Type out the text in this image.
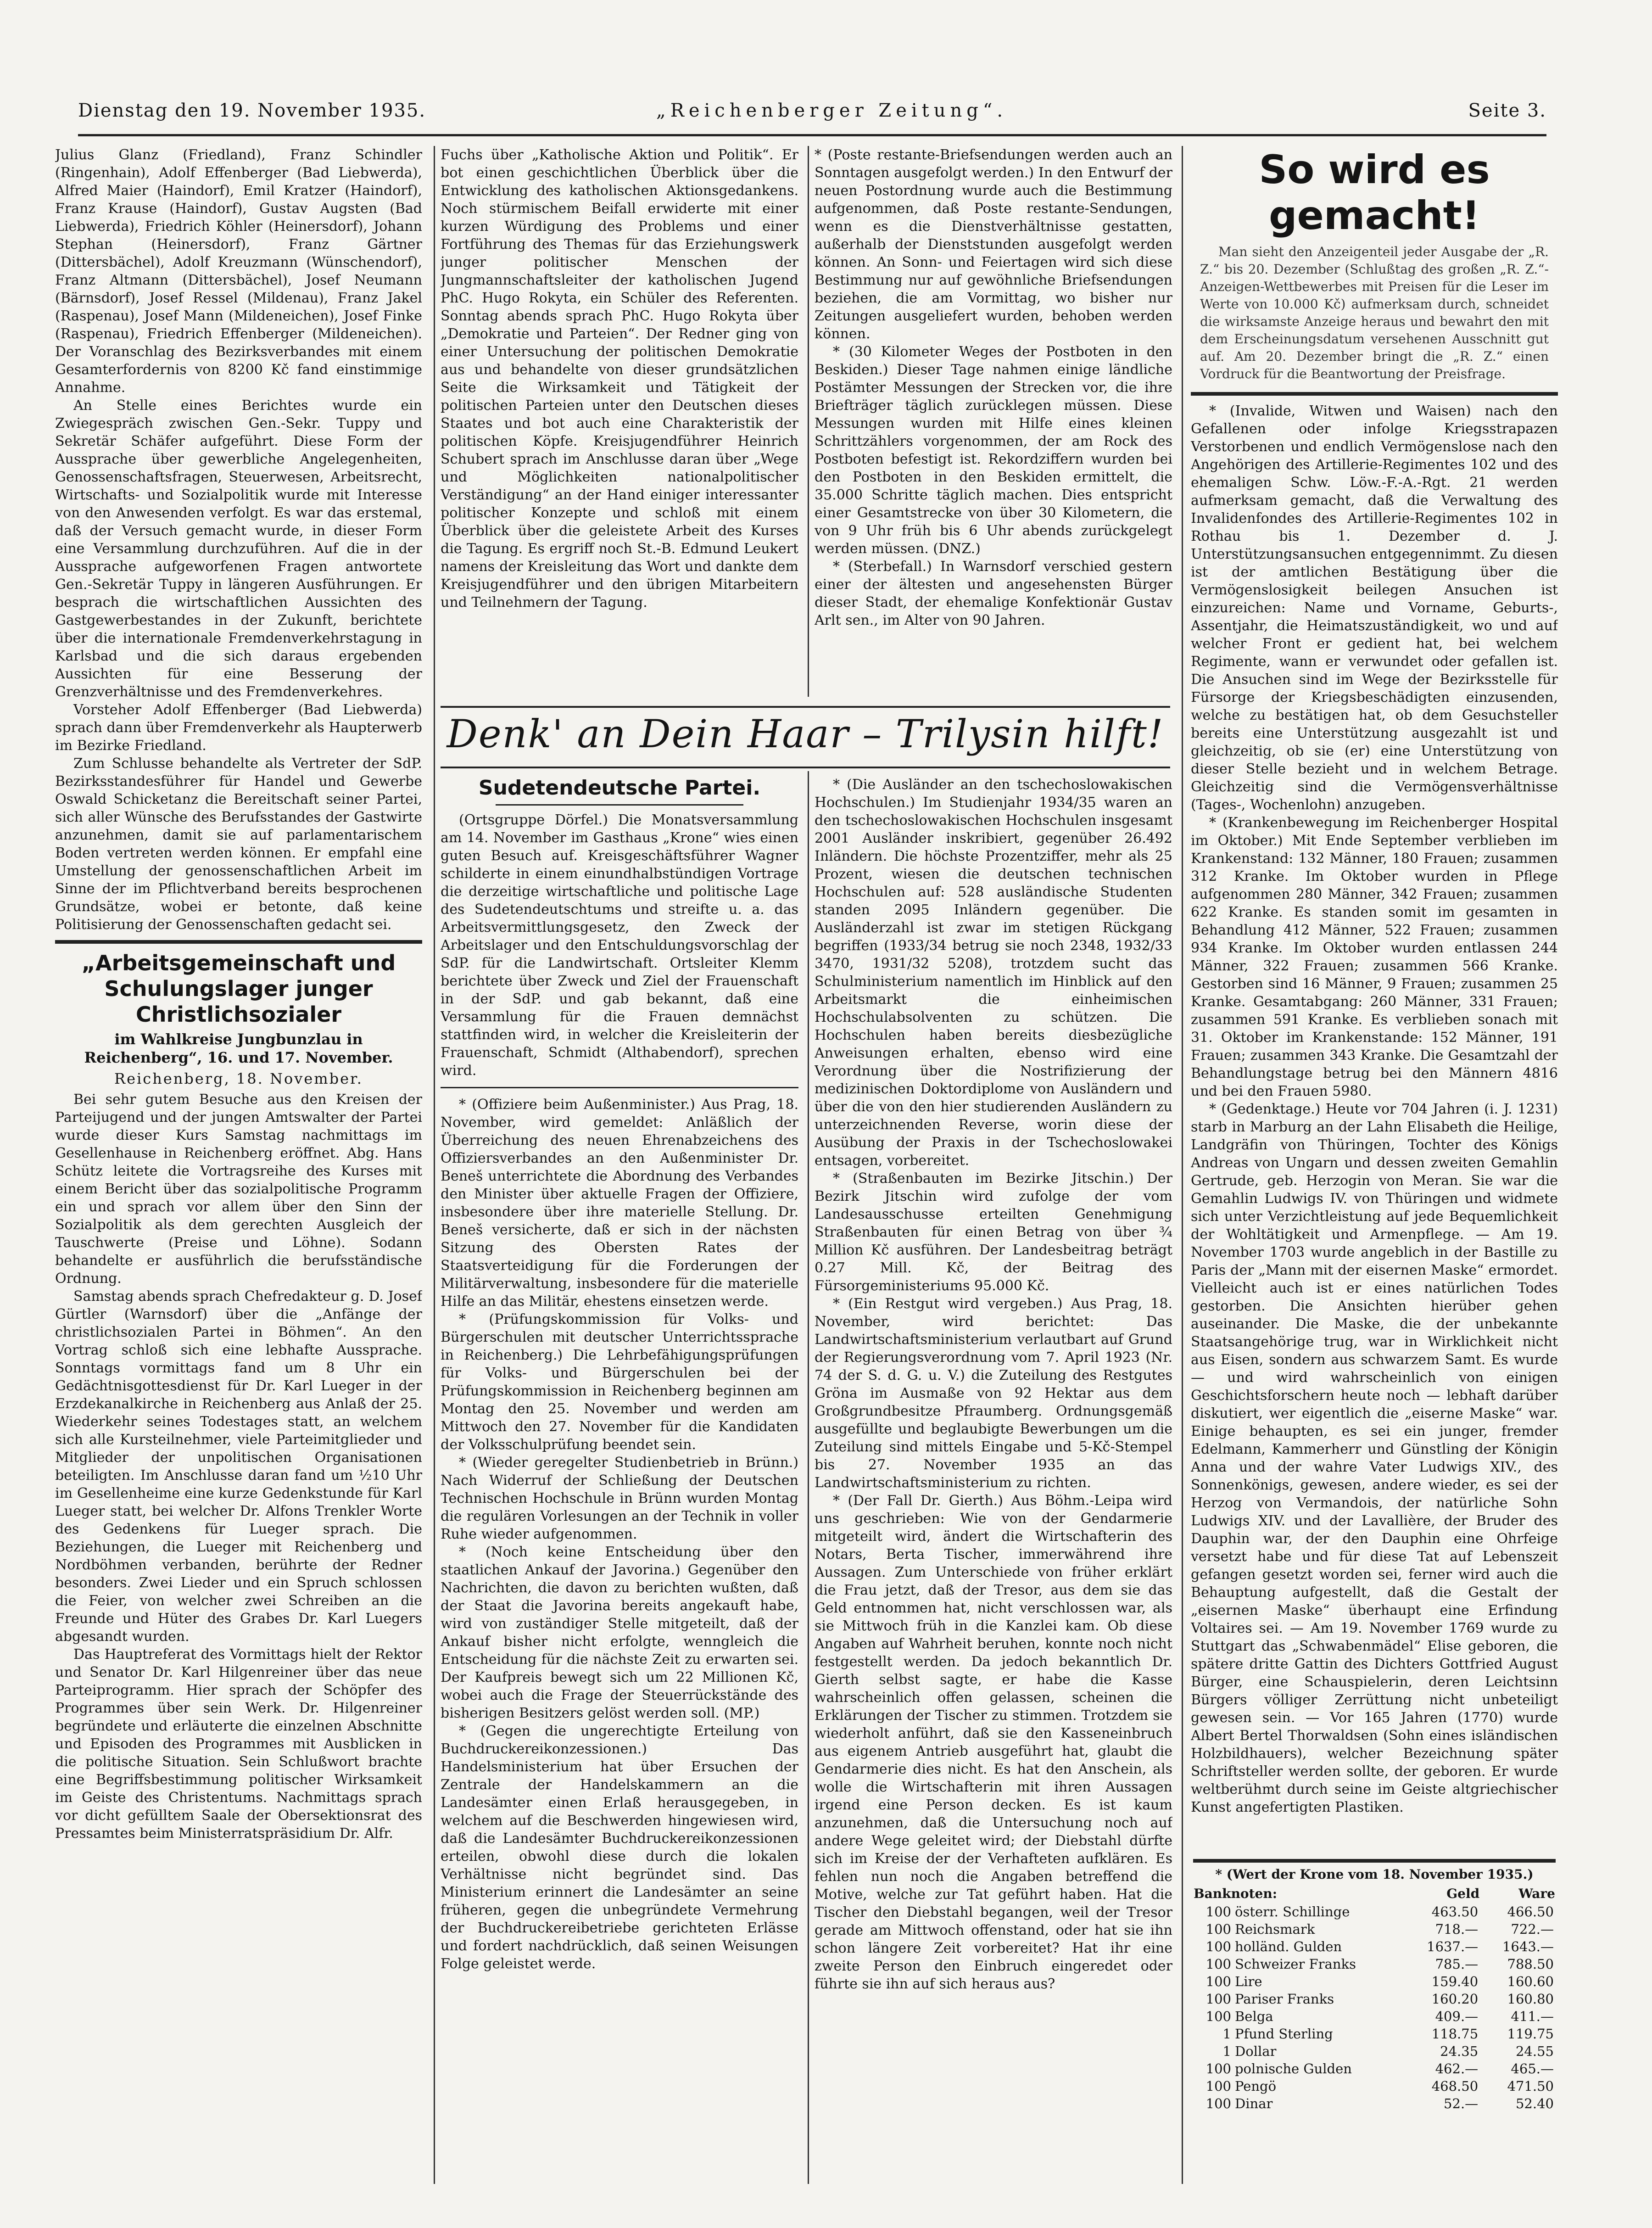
Dienstag den 19. November 1935.	„Reichenberger Zeitung“.	Seite 3.

Julius Glanz (Friedland), Franz Schindler (Ringenhain), Adolf Effenberger (Bad Liebwerda), Alfred Maier (Haindorf), Emil Kratzer (Haindorf), Franz Krause (Haindorf), Gustav Augsten (Bad Liebwerda), Friedrich Köhler (Heinersdorf), Johann Stephan (Heinersdorf), Franz Gärtner (Dittersbächel), Adolf Kreuzmann (Wünschendorf), Franz Altmann (Dittersbächel), Josef Neumann (Bärnsdorf), Josef Ressel (Mildenau), Franz Jakel (Raspenau), Josef Mann (Mildeneichen), Josef Finke (Raspenau), Friedrich Effenberger (Mildeneichen). Der Voranschlag des Bezirksverbandes mit einem Gesamterfordernis von 8200 Kč fand einstimmige Annahme.

An Stelle eines Berichtes wurde ein Zwiegespräch zwischen Gen.-Sekr. Tuppy und Sekretär Schäfer aufgeführt. Diese Form der Aussprache über gewerbliche Angelegenheiten, Genossenschaftsfragen, Steuerwesen, Arbeitsrecht, Wirtschafts- und Sozialpolitik wurde mit Interesse von den Anwesenden verfolgt. Es war das erstemal, daß der Versuch gemacht wurde, in dieser Form eine Versammlung durchzuführen. Auf die in der Aussprache aufgeworfenen Fragen antwortete Gen.-Sekretär Tuppy in längeren Ausführungen. Er besprach die wirtschaftlichen Aussichten des Gastgewerbestandes in der Zukunft, berichtete über die internationale Fremdenverkehrstagung in Karlsbad und die sich daraus ergebenden Aussichten für eine Besserung der Grenzverhältnisse und des Fremdenverkehres.

Vorsteher Adolf Effenberger (Bad Liebwerda) sprach dann über Fremdenverkehr als Haupterwerb im Bezirke Friedland.

Zum Schlusse behandelte als Vertreter der SdP. Bezirksstandesführer für Handel und Gewerbe Oswald Schicketanz die Bereitschaft seiner Partei, sich aller Wünsche des Berufsstandes der Gastwirte anzunehmen, damit sie auf parlamentarischem Boden vertreten werden können. Er empfahl eine Umstellung der genossenschaftlichen Arbeit im Sinne der im Pflichtverband bereits besprochenen Grundsätze, wobei er betonte, daß keine Politisierung der Genossenschaften gedacht sei.

„Arbeitsgemeinschaft und Schulungslager junger Christlichsozialer
im Wahlkreise Jungbunzlau in Reichenberg“, 16. und 17. November.
Reichenberg, 18. November.

Bei sehr gutem Besuche aus den Kreisen der Parteijugend und der jungen Amtswalter der Partei wurde dieser Kurs Samstag nachmittags im Gesellenhause in Reichenberg eröffnet. Abg. Hans Schütz leitete die Vortragsreihe des Kurses mit einem Bericht über das sozialpolitische Programm ein und sprach vor allem über den Sinn der Sozialpolitik als dem gerechten Ausgleich der Tauschwerte (Preise und Löhne). Sodann behandelte er ausführlich die berufsständische Ordnung.

Samstag abends sprach Chefredakteur g. D. Josef Gürtler (Warnsdorf) über die „Anfänge der christlichsozialen Partei in Böhmen“. An den Vortrag schloß sich eine lebhafte Aussprache. Sonntags vormittags fand um 8 Uhr ein Gedächtnisgottesdienst für Dr. Karl Lueger in der Erzdekanalkirche in Reichenberg aus Anlaß der 25. Wiederkehr seines Todestages statt, an welchem sich alle Kursteilnehmer, viele Parteimitglieder und Mitglieder der unpolitischen Organisationen beteiligten. Im Anschlusse daran fand um ½10 Uhr im Gesellenheime eine kurze Gedenkstunde für Karl Lueger statt, bei welcher Dr. Alfons Trenkler Worte des Gedenkens für Lueger sprach. Die Beziehungen, die Lueger mit Reichenberg und Nordböhmen verbanden, berührte der Redner besonders. Zwei Lieder und ein Spruch schlossen die Feier, von welcher zwei Schreiben an die Freunde und Hüter des Grabes Dr. Karl Luegers abgesandt wurden.

Das Hauptreferat des Vormittags hielt der Rektor und Senator Dr. Karl Hilgenreiner über das neue Parteiprogramm. Hier sprach der Schöpfer des Programmes über sein Werk. Dr. Hilgenreiner begründete und erläuterte die einzelnen Abschnitte und Episoden des Programmes mit Ausblicken in die politische Situation. Sein Schlußwort brachte eine Begriffsbestimmung politischer Wirksamkeit im Geiste des Christentums. Nachmittags sprach vor dicht gefülltem Saale der Obersektionsrat des Pressamtes beim Ministerratspräsidium Dr. Alfr.

Fuchs über „Katholische Aktion und Politik“. Er bot einen geschichtlichen Überblick über die Entwicklung des katholischen Aktionsgedankens. Noch stürmischem Beifall erwiderte mit einer kurzen Würdigung des Problems und einer Fortführung des Themas für das Erziehungswerk junger politischer Menschen der Jungmannschaftsleiter der katholischen Jugend PhC. Hugo Rokyta, ein Schüler des Referenten. Sonntag abends sprach PhC. Hugo Rokyta über „Demokratie und Parteien“. Der Redner ging von einer Untersuchung der politischen Demokratie aus und behandelte von dieser grundsätzlichen Seite die Wirksamkeit und Tätigkeit der politischen Parteien unter den Deutschen dieses Staates und bot auch eine Charakteristik der politischen Köpfe. Kreisjugendführer Heinrich Schubert sprach im Anschlusse daran über „Wege und Möglichkeiten nationalpolitischer Verständigung“ an der Hand einiger interessanter politischer Konzepte und schloß mit einem Überblick über die geleistete Arbeit des Kurses die Tagung. Es ergriff noch St.-B. Edmund Leukert namens der Kreisleitung das Wort und dankte dem Kreisjugendführer und den übrigen Mitarbeitern und Teilnehmern der Tagung.

* (Poste restante-Briefsendungen werden auch an Sonntagen ausgefolgt werden.) In den Entwurf der neuen Postordnung wurde auch die Bestimmung aufgenommen, daß Poste restante-Sendungen, wenn es die Dienstverhältnisse gestatten, außerhalb der Dienststunden ausgefolgt werden können. An Sonn- und Feiertagen wird sich diese Bestimmung nur auf gewöhnliche Briefsendungen beziehen, die am Vormittag, wo bisher nur Zeitungen ausgeliefert wurden, behoben werden können.

* (30 Kilometer Weges der Postboten in den Beskiden.) Dieser Tage nahmen einige ländliche Postämter Messungen der Strecken vor, die ihre Briefträger täglich zurücklegen müssen. Diese Messungen wurden mit Hilfe eines kleinen Schrittzählers vorgenommen, der am Rock des Postboten befestigt ist. Rekordziffern wurden bei den Postboten in den Beskiden ermittelt, die 35.000 Schritte täglich machen. Dies entspricht einer Gesamtstrecke von über 30 Kilometern, die von 9 Uhr früh bis 6 Uhr abends zurückgelegt werden müssen. (DNZ.)

* (Sterbefall.) In Warnsdorf verschied gestern einer der ältesten und angesehensten Bürger dieser Stadt, der ehemalige Konfektionär Gustav Arlt sen., im Alter von 90 Jahren.

Denk' an Dein Haar – Trilysin hilft!
Sudetendeutsche Partei.

(Ortsgruppe Dörfel.) Die Monatsversammlung am 14. November im Gasthaus „Krone“ wies einen guten Besuch auf. Kreisgeschäftsführer Wagner schilderte in einem einundhalbstündigen Vortrage die derzeitige wirtschaftliche und politische Lage des Sudetendeutschtums und streifte u. a. das Arbeitsvermittlungsgesetz, den Zweck der Arbeitslager und den Entschuldungsvorschlag der SdP. für die Landwirtschaft. Ortsleiter Klemm berichtete über Zweck und Ziel der Frauenschaft in der SdP. und gab bekannt, daß eine Versammlung für die Frauen demnächst stattfinden wird, in welcher die Kreisleiterin der Frauenschaft, Schmidt (Althabendorf), sprechen wird.

* (Offiziere beim Außenminister.) Aus Prag, 18. November, wird gemeldet: Anläßlich der Überreichung des neuen Ehrenabzeichens des Offiziersverbandes an den Außenminister Dr. Beneš unterrichtete die Abordnung des Verbandes den Minister über aktuelle Fragen der Offiziere, insbesondere über ihre materielle Stellung. Dr. Beneš versicherte, daß er sich in der nächsten Sitzung des Obersten Rates der Staatsverteidigung für die Forderungen der Militärverwaltung, insbesondere für die materielle Hilfe an das Militär, ehestens einsetzen werde.

* (Prüfungskommission für Volks- und Bürgerschulen mit deutscher Unterrichtssprache in Reichenberg.) Die Lehrbefähigungsprüfungen für Volks- und Bürgerschulen bei der Prüfungskommission in Reichenberg beginnen am Montag den 25. November und werden am Mittwoch den 27. November für die Kandidaten der Volksschulprüfung beendet sein.

* (Wieder geregelter Studienbetrieb in Brünn.) Nach Widerruf der Schließung der Deutschen Technischen Hochschule in Brünn wurden Montag die regulären Vorlesungen an der Technik in voller Ruhe wieder aufgenommen.

* (Noch keine Entscheidung über den staatlichen Ankauf der Javorina.) Gegenüber den Nachrichten, die davon zu berichten wußten, daß der Staat die Javorina bereits angekauft habe, wird von zuständiger Stelle mitgeteilt, daß der Ankauf bisher nicht erfolgte, wenngleich die Entscheidung für die nächste Zeit zu erwarten sei. Der Kaufpreis bewegt sich um 22 Millionen Kč, wobei auch die Frage der Steuerrückstände des bisherigen Besitzers gelöst werden soll. (MP.)

* (Gegen die ungerechtigte Erteilung von Buchdruckereikonzessionen.) Das Handelsministerium hat über Ersuchen der Zentrale der Handelskammern an die Landesämter einen Erlaß herausgegeben, in welchem auf die Beschwerden hingewiesen wird, daß die Landesämter Buchdruckereikonzessionen erteilen, obwohl diese durch die lokalen Verhältnisse nicht begründet sind. Das Ministerium erinnert die Landesämter an seine früheren, gegen die unbegründete Vermehrung der Buchdruckereibetriebe gerichteten Erlässe und fordert nachdrücklich, daß seinen Weisungen Folge geleistet werde.

* (Die Ausländer an den tschechoslowakischen Hochschulen.) Im Studienjahr 1934/35 waren an den tschechoslowakischen Hochschulen insgesamt 2001 Ausländer inskribiert, gegenüber 26.492 Inländern. Die höchste Prozentziffer, mehr als 25 Prozent, wiesen die deutschen technischen Hochschulen auf: 528 ausländische Studenten standen 2095 Inländern gegenüber. Die Ausländerzahl ist zwar im stetigen Rückgang begriffen (1933/34 betrug sie noch 2348, 1932/33 3470, 1931/32 5208), trotzdem sucht das Schulministerium namentlich im Hinblick auf den Arbeitsmarkt die einheimischen Hochschulabsolventen zu schützen. Die Hochschulen haben bereits diesbezügliche Anweisungen erhalten, ebenso wird eine Verordnung über die Nostrifizierung der medizinischen Doktordiplome von Ausländern und über die von den hier studierenden Ausländern zu unterzeichnenden Reverse, worin diese der Ausübung der Praxis in der Tschechoslowakei entsagen, vorbereitet.

* (Straßenbauten im Bezirke Jitschin.) Der Bezirk Jitschin wird zufolge der vom Landesausschusse erteilten Genehmigung Straßenbauten für einen Betrag von über ¾ Million Kč ausführen. Der Landesbeitrag beträgt 0.27 Mill. Kč, der Beitrag des Fürsorgeministeriums 95.000 Kč.

* (Ein Restgut wird vergeben.) Aus Prag, 18. November, wird berichtet: Das Landwirtschaftsministerium verlautbart auf Grund der Regierungsverordnung vom 7. April 1923 (Nr. 74 der S. d. G. u. V.) die Zuteilung des Restgutes Gröna im Ausmaße von 92 Hektar aus dem Großgrundbesitze Pfraumberg. Ordnungsgemäß ausgefüllte und beglaubigte Bewerbungen um die Zuteilung sind mittels Eingabe und 5-Kč-Stempel bis 27. November 1935 an das Landwirtschaftsministerium zu richten.

* (Der Fall Dr. Gierth.) Aus Böhm.-Leipa wird uns geschrieben: Wie von der Gendarmerie mitgeteilt wird, ändert die Wirtschafterin des Notars, Berta Tischer, immerwährend ihre Aussagen. Zum Unterschiede von früher erklärt die Frau jetzt, daß der Tresor, aus dem sie das Geld entnommen hat, nicht verschlossen war, als sie Mittwoch früh in die Kanzlei kam. Ob diese Angaben auf Wahrheit beruhen, konnte noch nicht festgestellt werden. Da jedoch bekanntlich Dr. Gierth selbst sagte, er habe die Kasse wahrscheinlich offen gelassen, scheinen die Erklärungen der Tischer zu stimmen. Trotzdem sie wiederholt anführt, daß sie den Kasseneinbruch aus eigenem Antrieb ausgeführt hat, glaubt die Gendarmerie dies nicht. Es hat den Anschein, als wolle die Wirtschafterin mit ihren Aussagen irgend eine Person decken. Es ist kaum anzunehmen, daß die Untersuchung noch auf andere Wege geleitet wird; der Diebstahl dürfte sich im Kreise der der Verhafteten aufklären. Es fehlen nun noch die Angaben betreffend die Motive, welche zur Tat geführt haben. Hat die Tischer den Diebstahl begangen, weil der Tresor gerade am Mittwoch offenstand, oder hat sie ihn schon längere Zeit vorbereitet? Hat ihr eine zweite Person den Einbruch eingeredet oder führte sie ihn auf sich heraus aus?

So wird es gemacht!

Man sieht den Anzeigenteil jeder Ausgabe der „R. Z.“ bis 20. Dezember (Schlußtag des großen „R. Z.“-Anzeigen-Wettbewerbes mit Preisen für die Leser im Werte von 10.000 Kč) aufmerksam durch, schneidet die wirksamste Anzeige heraus und bewahrt den mit dem Erscheinungsdatum versehenen Ausschnitt gut auf. Am 20. Dezember bringt die „R. Z.“ einen Vordruck für die Beantwortung der Preisfrage.

* (Invalide, Witwen und Waisen) nach den Gefallenen oder infolge Kriegsstrapazen Verstorbenen und endlich Vermögenslose nach den Angehörigen des Artillerie-Regimentes 102 und des ehemaligen Schw. Löw.-F.-A.-Rgt. 21 werden aufmerksam gemacht, daß die Verwaltung des Invalidenfondes des Artillerie-Regimentes 102 in Rothau bis 1. Dezember d. J. Unterstützungsansuchen entgegennimmt. Zu diesen ist der amtlichen Bestätigung über die Vermögenslosigkeit beilegen Ansuchen ist einzureichen: Name und Vorname, Geburts-, Assentjahr, die Heimatszuständigkeit, wo und auf welcher Front er gedient hat, bei welchem Regimente, wann er verwundet oder gefallen ist. Die Ansuchen sind im Wege der Bezirksstelle für Fürsorge der Kriegsbeschädigten einzusenden, welche zu bestätigen hat, ob dem Gesuchsteller bereits eine Unterstützung ausgezahlt ist und gleichzeitig, ob sie (er) eine Unterstützung von dieser Stelle bezieht und in welchem Betrage. Gleichzeitig sind die Vermögensverhältnisse (Tages-, Wochenlohn) anzugeben.

* (Krankenbewegung im Reichenberger Hospital im Oktober.) Mit Ende September verblieben im Krankenstand: 132 Männer, 180 Frauen; zusammen 312 Kranke. Im Oktober wurden in Pflege aufgenommen 280 Männer, 342 Frauen; zusammen 622 Kranke. Es standen somit im gesamten in Behandlung 412 Männer, 522 Frauen; zusammen 934 Kranke. Im Oktober wurden entlassen 244 Männer, 322 Frauen; zusammen 566 Kranke. Gestorben sind 16 Männer, 9 Frauen; zusammen 25 Kranke. Gesamtabgang: 260 Männer, 331 Frauen; zusammen 591 Kranke. Es verblieben sonach mit 31. Oktober im Krankenstande: 152 Männer, 191 Frauen; zusammen 343 Kranke. Die Gesamtzahl der Behandlungstage betrug bei den Männern 4816 und bei den Frauen 5980.

* (Gedenktage.) Heute vor 704 Jahren (i. J. 1231) starb in Marburg an der Lahn Elisabeth die Heilige, Landgräfin von Thüringen, Tochter des Königs Andreas von Ungarn und dessen zweiten Gemahlin Gertrude, geb. Herzogin von Meran. Sie war die Gemahlin Ludwigs IV. von Thüringen und widmete sich unter Verzichtleistung auf jede Bequemlichkeit der Wohltätigkeit und Armenpflege. — Am 19. November 1703 wurde angeblich in der Bastille zu Paris der „Mann mit der eisernen Maske“ ermordet. Vielleicht auch ist er eines natürlichen Todes gestorben. Die Ansichten hierüber gehen auseinander. Die Maske, die der unbekannte Staatsangehörige trug, war in Wirklichkeit nicht aus Eisen, sondern aus schwarzem Samt. Es wurde — und wird wahrscheinlich von einigen Geschichtsforschern heute noch — lebhaft darüber diskutiert, wer eigentlich die „eiserne Maske“ war. Einige behaupten, es sei ein junger, fremder Edelmann, Kammerherr und Günstling der Königin Anna und der wahre Vater Ludwigs XIV., des Sonnenkönigs, gewesen, andere wieder, es sei der Herzog von Vermandois, der natürliche Sohn Ludwigs XIV. und der Lavallière, der Bruder des Dauphin war, der den Dauphin eine Ohrfeige versetzt habe und für diese Tat auf Lebenszeit gefangen gesetzt worden sei, ferner wird auch die Behauptung aufgestellt, daß die Gestalt der „eisernen Maske“ überhaupt eine Erfindung Voltaires sei. — Am 19. November 1769 wurde zu Stuttgart das „Schwabenmädel“ Elise geboren, die spätere dritte Gattin des Dichters Gottfried August Bürger, eine Schauspielerin, deren Leichtsinn Bürgers völliger Zerrüttung nicht unbeteiligt gewesen sein. — Vor 165 Jahren (1770) wurde Albert Bertel Thorwaldsen (Sohn eines isländischen Holzbildhauers), welcher Bezeichnung später Schriftsteller werden sollte, der geboren. Er wurde weltberühmt durch seine im Geiste altgriechischer Kunst angefertigten Plastiken.

* (Wert der Krone vom 18. November 1935.)
Banknoten:		Geld	Ware
100	österr. Schillinge	463.50	466.50
100	Reichsmark	718.—	722.—
100	holländ. Gulden	1637.—	1643.—
100	Schweizer Franks	785.—	788.50
100	Lire	159.40	160.60
100	Pariser Franks	160.20	160.80
100	Belga	409.—	411.—
1	Pfund Sterling	118.75	119.75
1	Dollar	24.35	24.55
100	polnische Gulden	462.—	465.—
100	Pengö	468.50	471.50
100	Dinar	52.—	52.40
